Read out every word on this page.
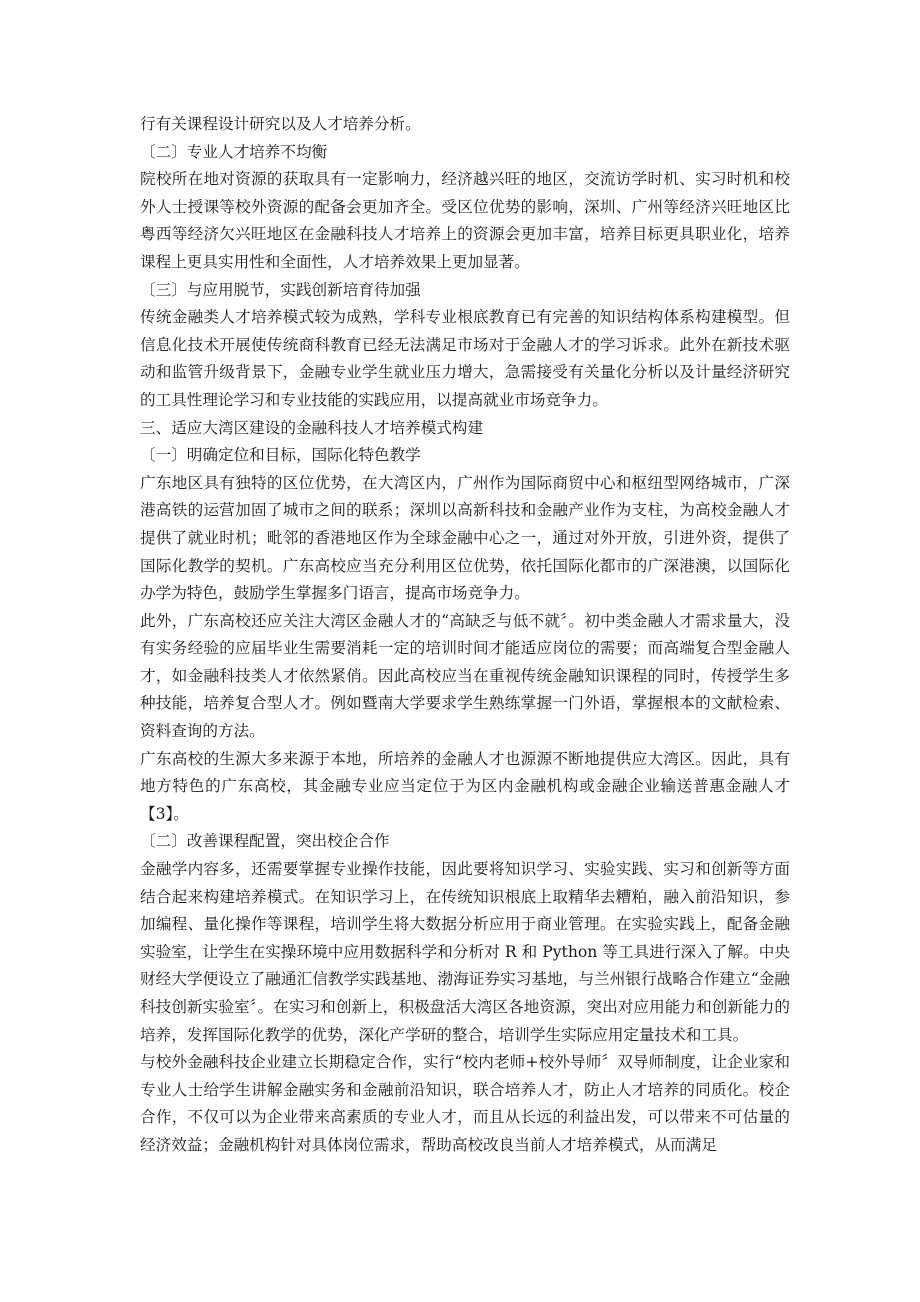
行有关课程设计研究以及人才培养分析。

〔二〕专业人才培养不均衡

院校所在地对资源的获取具有一定影响力，经济越兴旺的地区，交流访学时机、实习时机和校外人士授课等校外资源的配备会更加齐全。受区位优势的影响，深圳、广州等经济兴旺地区比粤西等经济欠兴旺地区在金融科技人才培养上的资源会更加丰富，培养目标更具职业化，培养课程上更具实用性和全面性，人才培养效果上更加显著。

〔三〕与应用脱节，实践创新培育待加强

传统金融类人才培养模式较为成熟，学科专业根底教育已有完善的知识结构体系构建模型。但信息化技术开展使传统商科教育已经无法满足市场对于金融人才的学习诉求。此外在新技术驱动和监管升级背景下，金融专业学生就业压力增大，急需接受有关量化分析以及计量经济研究的工具性理论学习和专业技能的实践应用，以提高就业市场竞争力。

三、适应大湾区建设的金融科技人才培养模式构建

〔一〕明确定位和目标，国际化特色教学

广东地区具有独特的区位优势，在大湾区内，广州作为国际商贸中心和枢纽型网络城市，广深港高铁的运营加固了城市之间的联系；深圳以高新科技和金融产业作为支柱，为高校金融人才提供了就业时机；毗邻的香港地区作为全球金融中心之一，通过对外开放，引进外资，提供了国际化教学的契机。广东高校应当充分利用区位优势，依托国际化都市的广深港澳，以国际化办学为特色，鼓励学生掌握多门语言，提高市场竞争力。

此外，广东高校还应关注大湾区金融人才的“高缺乏与低不就〞。初中类金融人才需求量大，没有实务经验的应届毕业生需要消耗一定的培训时间才能适应岗位的需要；而高端复合型金融人才，如金融科技类人才依然紧俏。因此高校应当在重视传统金融知识课程的同时，传授学生多种技能，培养复合型人才。例如暨南大学要求学生熟练掌握一门外语，掌握根本的文献检索、资料查询的方法。

广东高校的生源大多来源于本地，所培养的金融人才也源源不断地提供应大湾区。因此，具有地方特色的广东高校，其金融专业应当定位于为区内金融机构或金融企业输送普惠金融人才【3】。

〔二〕改善课程配置，突出校企合作

金融学内容多，还需要掌握专业操作技能，因此要将知识学习、实验实践、实习和创新等方面结合起来构建培养模式。在知识学习上，在传统知识根底上取精华去糟粕，融入前沿知识，参加编程、量化操作等课程，培训学生将大数据分析应用于商业管理。在实验实践上，配备金融实验室，让学生在实操环境中应用数据科学和分析对 R 和 Python 等工具进行深入了解。中央财经大学便设立了融通汇信教学实践基地、渤海证券实习基地，与兰州银行战略合作建立“金融科技创新实验室〞。在实习和创新上，积极盘活大湾区各地资源，突出对应用能力和创新能力的培养，发挥国际化教学的优势，深化产学研的整合，培训学生实际应用定量技术和工具。

与校外金融科技企业建立长期稳定合作，实行“校内老师+校外导师〞双导师制度，让企业家和专业人士给学生讲解金融实务和金融前沿知识，联合培养人才，防止人才培养的同质化。校企合作，不仅可以为企业带来高素质的专业人才，而且从长远的利益出发，可以带来不可估量的经济效益；金融机构针对具体岗位需求，帮助高校改良当前人才培养模式，从而满足
